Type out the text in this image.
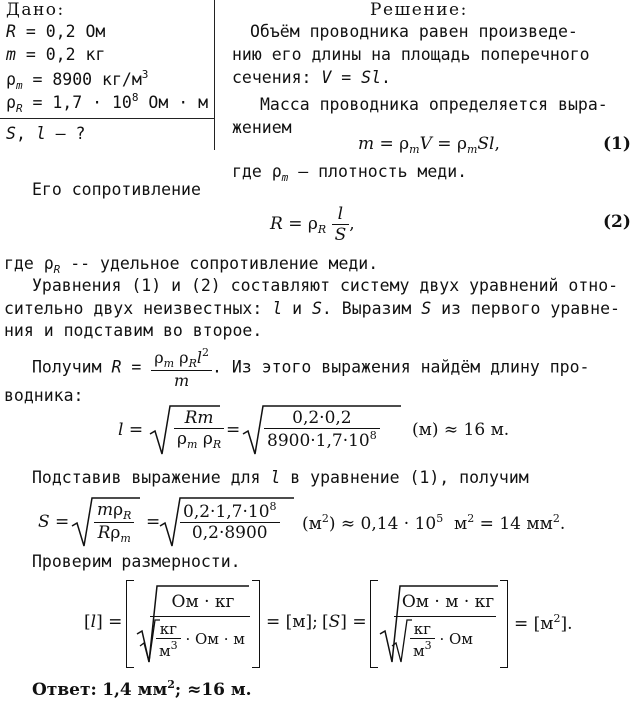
Дано:
R = 0,2 Ом
m = 0,2 кг
$\rho_m = 8900$ $кг/м^3$
$\rho_R = 1,7 \cdot 10^8$ Ом · м
S, l — ?
Решение:
Объём проводника равен произведе-
нию его длины на площадь поперечного
сечения: V = Sl.
Масса проводника определяется выра-
жением
$m = \rho_mV = \rho_mSl$,	(1)
где $\rho_m$ — плотность меди.
Его сопротивление
$R = \rho_R \frac{l}{S}$ ,	(2)
где $\rho_R$ -- удельное сопротивление меди.
Уравнения (1) и (2) составляют систему двух уравнений отно-
сительно двух неизвестных: l и S. Выразим S из первого уравне-
ния и подставим во второе.
Получим $R = \frac{\rho_m \rho_Rl^2}{m}$ . Из этого выражения найдём длину про-
водника:
$l = \frac{Rm}{\rho_m \rho_R} = \frac{0,2\cdot 0,2}{8900\cdot 1,7\cdot 10^8} (м) \approx 16$ м.
Подставив выражение для l в уравнение (1), получим
$S = \frac{m\rho_R}{R\rho_m} = \frac{0,2\cdot 1,7\cdot 10^8}{0,2\cdot 8900} (м^2) \approx 0,14 \cdot 10^5$  $м^2 = 14$ $мм^2$.
Проверим размерности.
[l] =
Ом · кг
$\frac{кг}{м^3}$ · Ом · м
= [м]; [S] =
Ом · м · кг
$\frac{кг}{м^3}$ · Ом
= $[м^2]$.
Ответ: 1,4 $мм^2$; ≈16 м.
